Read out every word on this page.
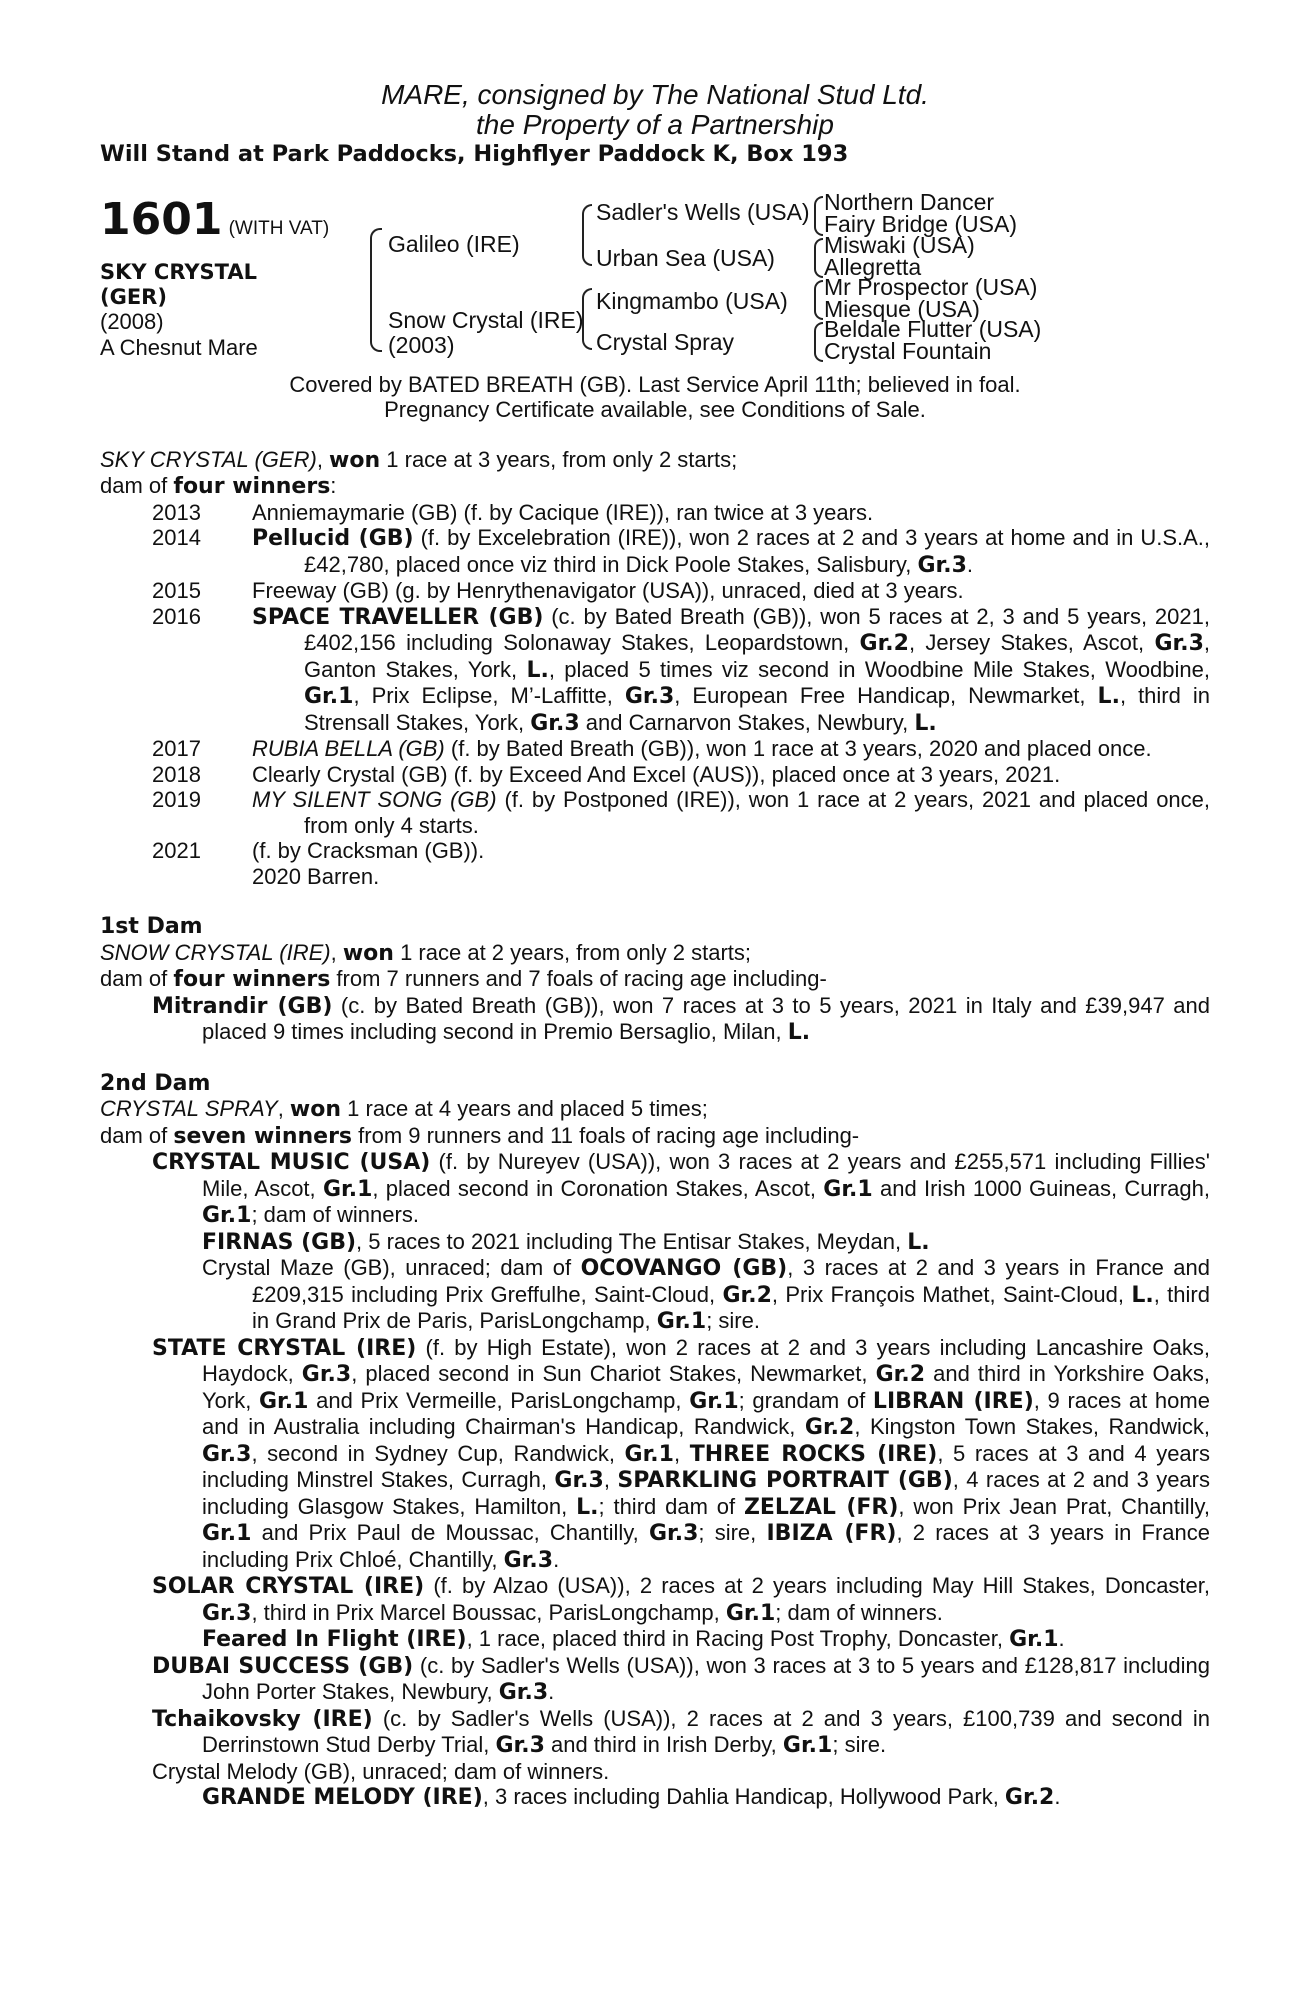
MARE, consigned by The National Stud Ltd.
the Property of a Partnership
Will Stand at Park Paddocks, Highflyer Paddock K, Box 193
1601 (WITH VAT)
SKY CRYSTAL
(GER)
(2008)
A Chesnut Mare
Galileo (IRE)
Snow Crystal (IRE)
(2003)
Sadler's Wells (USA)
Urban Sea (USA)
Kingmambo (USA)
Crystal Spray
Northern Dancer
Fairy Bridge (USA)
Miswaki (USA)
Allegretta
Mr Prospector (USA)
Miesque (USA)
Beldale Flutter (USA)
Crystal Fountain
Covered by BATED BREATH (GB). Last Service April 11th; believed in foal.
Pregnancy Certificate available, see Conditions of Sale.
SKY CRYSTAL (GER), won 1 race at 3 years, from only 2 starts;
dam of four winners:
2013	Anniemaymarie (GB) (f. by Cacique (IRE)), ran twice at 3 years.
2014	Pellucid (GB) (f. by Excelebration (IRE)), won 2 races at 2 and 3 years at home and in U.S.A., £42,780, placed once viz third in Dick Poole Stakes, Salisbury, Gr.3.
2015	Freeway (GB) (g. by Henrythenavigator (USA)), unraced, died at 3 years.
2016	SPACE TRAVELLER (GB) (c. by Bated Breath (GB)), won 5 races at 2, 3 and 5 years, 2021, £402,156 including Solonaway Stakes, Leopardstown, Gr.2, Jersey Stakes, Ascot, Gr.3, Ganton Stakes, York, L., placed 5 times viz second in Woodbine Mile Stakes, Woodbine, Gr.1, Prix Eclipse, M’-Laffitte, Gr.3, European Free Handicap, Newmarket, L., third in Strensall Stakes, York, Gr.3 and Carnarvon Stakes, Newbury, L.
2017	RUBIA BELLA (GB) (f. by Bated Breath (GB)), won 1 race at 3 years, 2020 and placed once.
2018	Clearly Crystal (GB) (f. by Exceed And Excel (AUS)), placed once at 3 years, 2021.
2019	MY SILENT SONG (GB) (f. by Postponed (IRE)), won 1 race at 2 years, 2021 and placed once, from only 4 starts.
2021	(f. by Cracksman (GB)).
2020 Barren.
1st Dam
SNOW CRYSTAL (IRE), won 1 race at 2 years, from only 2 starts;
dam of four winners from 7 runners and 7 foals of racing age including-
Mitrandir (GB) (c. by Bated Breath (GB)), won 7 races at 3 to 5 years, 2021 in Italy and £39,947 and placed 9 times including second in Premio Bersaglio, Milan, L.
2nd Dam
CRYSTAL SPRAY, won 1 race at 4 years and placed 5 times;
dam of seven winners from 9 runners and 11 foals of racing age including-
CRYSTAL MUSIC (USA) (f. by Nureyev (USA)), won 3 races at 2 years and £255,571 including Fillies' Mile, Ascot, Gr.1, placed second in Coronation Stakes, Ascot, Gr.1 and Irish 1000 Guineas, Curragh, Gr.1; dam of winners.
FIRNAS (GB), 5 races to 2021 including The Entisar Stakes, Meydan, L.
Crystal Maze (GB), unraced; dam of OCOVANGO (GB), 3 races at 2 and 3 years in France and £209,315 including Prix Greffulhe, Saint-Cloud, Gr.2, Prix François Mathet, Saint-Cloud, L., third in Grand Prix de Paris, ParisLongchamp, Gr.1; sire.
STATE CRYSTAL (IRE) (f. by High Estate), won 2 races at 2 and 3 years including Lancashire Oaks, Haydock, Gr.3, placed second in Sun Chariot Stakes, Newmarket, Gr.2 and third in Yorkshire Oaks, York, Gr.1 and Prix Vermeille, ParisLongchamp, Gr.1; grandam of LIBRAN (IRE), 9 races at home and in Australia including Chairman's Handicap, Randwick, Gr.2, Kingston Town Stakes, Randwick, Gr.3, second in Sydney Cup, Randwick, Gr.1, THREE ROCKS (IRE), 5 races at 3 and 4 years including Minstrel Stakes, Curragh, Gr.3, SPARKLING PORTRAIT (GB), 4 races at 2 and 3 years including Glasgow Stakes, Hamilton, L.; third dam of ZELZAL (FR), won Prix Jean Prat, Chantilly, Gr.1 and Prix Paul de Moussac, Chantilly, Gr.3; sire, IBIZA (FR), 2 races at 3 years in France including Prix Chloé, Chantilly, Gr.3.
SOLAR CRYSTAL (IRE) (f. by Alzao (USA)), 2 races at 2 years including May Hill Stakes, Doncaster, Gr.3, third in Prix Marcel Boussac, ParisLongchamp, Gr.1; dam of winners.
Feared In Flight (IRE), 1 race, placed third in Racing Post Trophy, Doncaster, Gr.1.
DUBAI SUCCESS (GB) (c. by Sadler's Wells (USA)), won 3 races at 3 to 5 years and £128,817 including John Porter Stakes, Newbury, Gr.3.
Tchaikovsky (IRE) (c. by Sadler's Wells (USA)), 2 races at 2 and 3 years, £100,739 and second in Derrinstown Stud Derby Trial, Gr.3 and third in Irish Derby, Gr.1; sire.
Crystal Melody (GB), unraced; dam of winners.
GRANDE MELODY (IRE), 3 races including Dahlia Handicap, Hollywood Park, Gr.2.
